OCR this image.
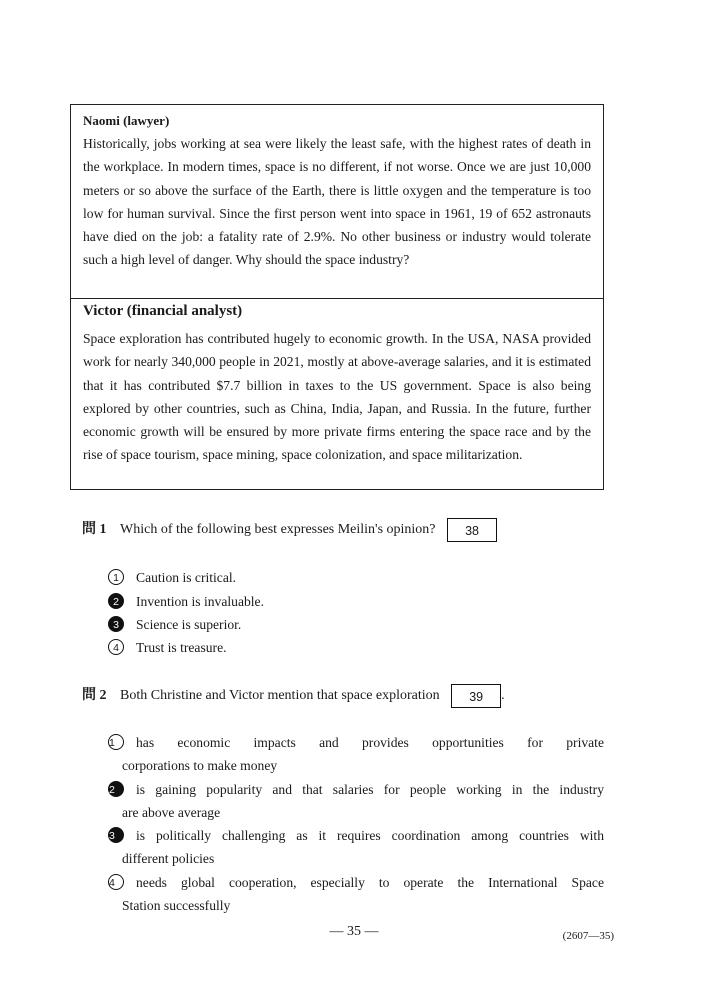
Naomi (lawyer)
Historically, jobs working at sea were likely the least safe, with the highest rates of death in the workplace. In modern times, space is no different, if not worse. Once we are just 10,000 meters or so above the surface of the Earth, there is little oxygen and the temperature is too low for human survival. Since the first person went into space in 1961, 19 of 652 astronauts have died on the job: a fatality rate of 2.9%. No other business or industry would tolerate such a high level of danger. Why should the space industry?
Victor (financial analyst)
Space exploration has contributed hugely to economic growth. In the USA, NASA provided work for nearly 340,000 people in 2021, mostly at above-average salaries, and it is estimated that it has contributed $7.7 billion in taxes to the US government. Space is also being explored by other countries, such as China, India, Japan, and Russia. In the future, further economic growth will be ensured by more private firms entering the space race and by the rise of space tourism, space mining, space colonization, and space militarization.
問 1 Which of the following best expresses Meilin's opinion? 38
1 Caution is critical.
2 Invention is invaluable.
3 Science is superior.
4 Trust is treasure.
問 2 Both Christine and Victor mention that space exploration 39 .
1 has economic impacts and provides opportunities for private
corporations to make money
2 is gaining popularity and that salaries for people working in the industry
are above average
3 is politically challenging as it requires coordination among countries with
different policies
4 needs global cooperation, especially to operate the International Space
Station successfully
— 35 —	(2607—35)
